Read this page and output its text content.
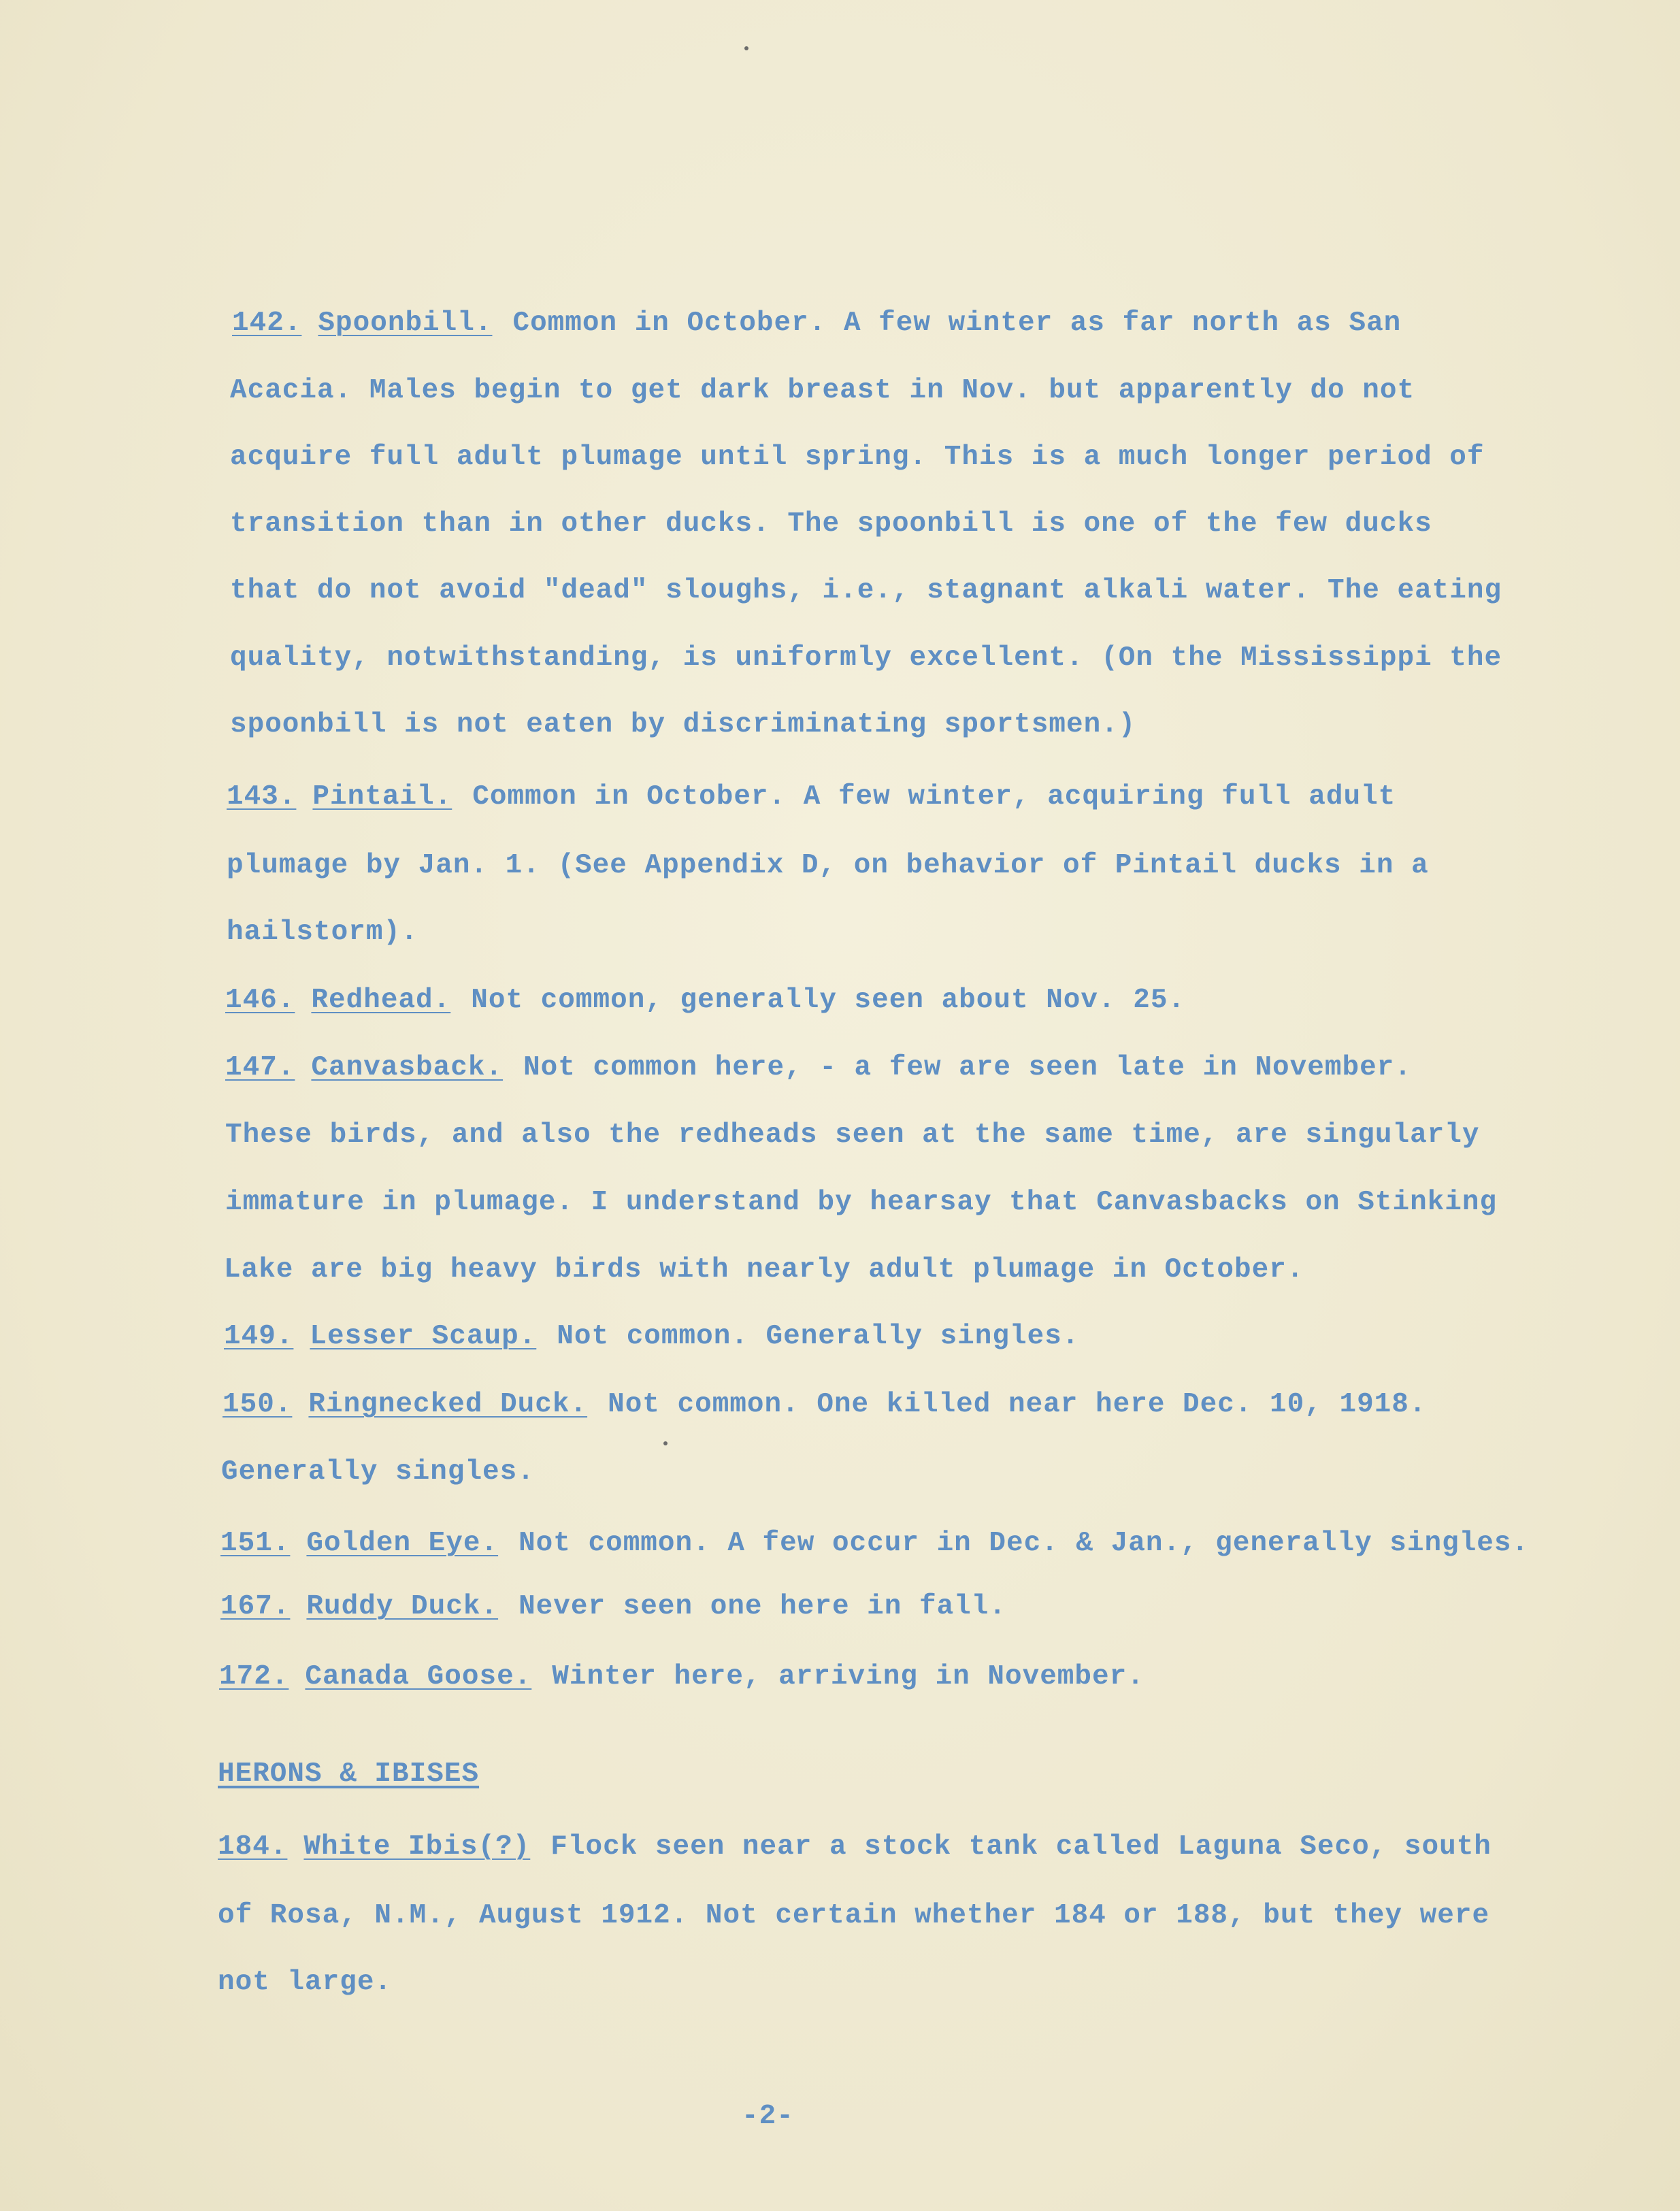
142. Spoonbill. Common in October. A few winter as far north as San
Acacia. Males begin to get dark breast in Nov. but apparently do not
acquire full adult plumage until spring. This is a much longer period of
transition than in other ducks. The spoonbill is one of the few ducks
that do not avoid "dead" sloughs, i.e., stagnant alkali water. The eating
quality, notwithstanding, is uniformly excellent. (On the Mississippi the
spoonbill is not eaten by discriminating sportsmen.)
143. Pintail. Common in October. A few winter, acquiring full adult
plumage by Jan. 1. (See Appendix D, on behavior of Pintail ducks in a
hailstorm).
146. Redhead. Not common, generally seen about Nov. 25.
147. Canvasback. Not common here, - a few are seen late in November.
These birds, and also the redheads seen at the same time, are singularly
immature in plumage. I understand by hearsay that Canvasbacks on Stinking
Lake are big heavy birds with nearly adult plumage in October.
149. Lesser Scaup. Not common. Generally singles.
150. Ringnecked Duck. Not common. One killed near here Dec. 10, 1918.
Generally singles.
151. Golden Eye. Not common. A few occur in Dec. & Jan., generally singles.
167. Ruddy Duck. Never seen one here in fall.
172. Canada Goose. Winter here, arriving in November.
HERONS & IBISES
184. White Ibis(?) Flock seen near a stock tank called Laguna Seco, south
of Rosa, N.M., August 1912. Not certain whether 184 or 188, but they were
not large.
-2-
